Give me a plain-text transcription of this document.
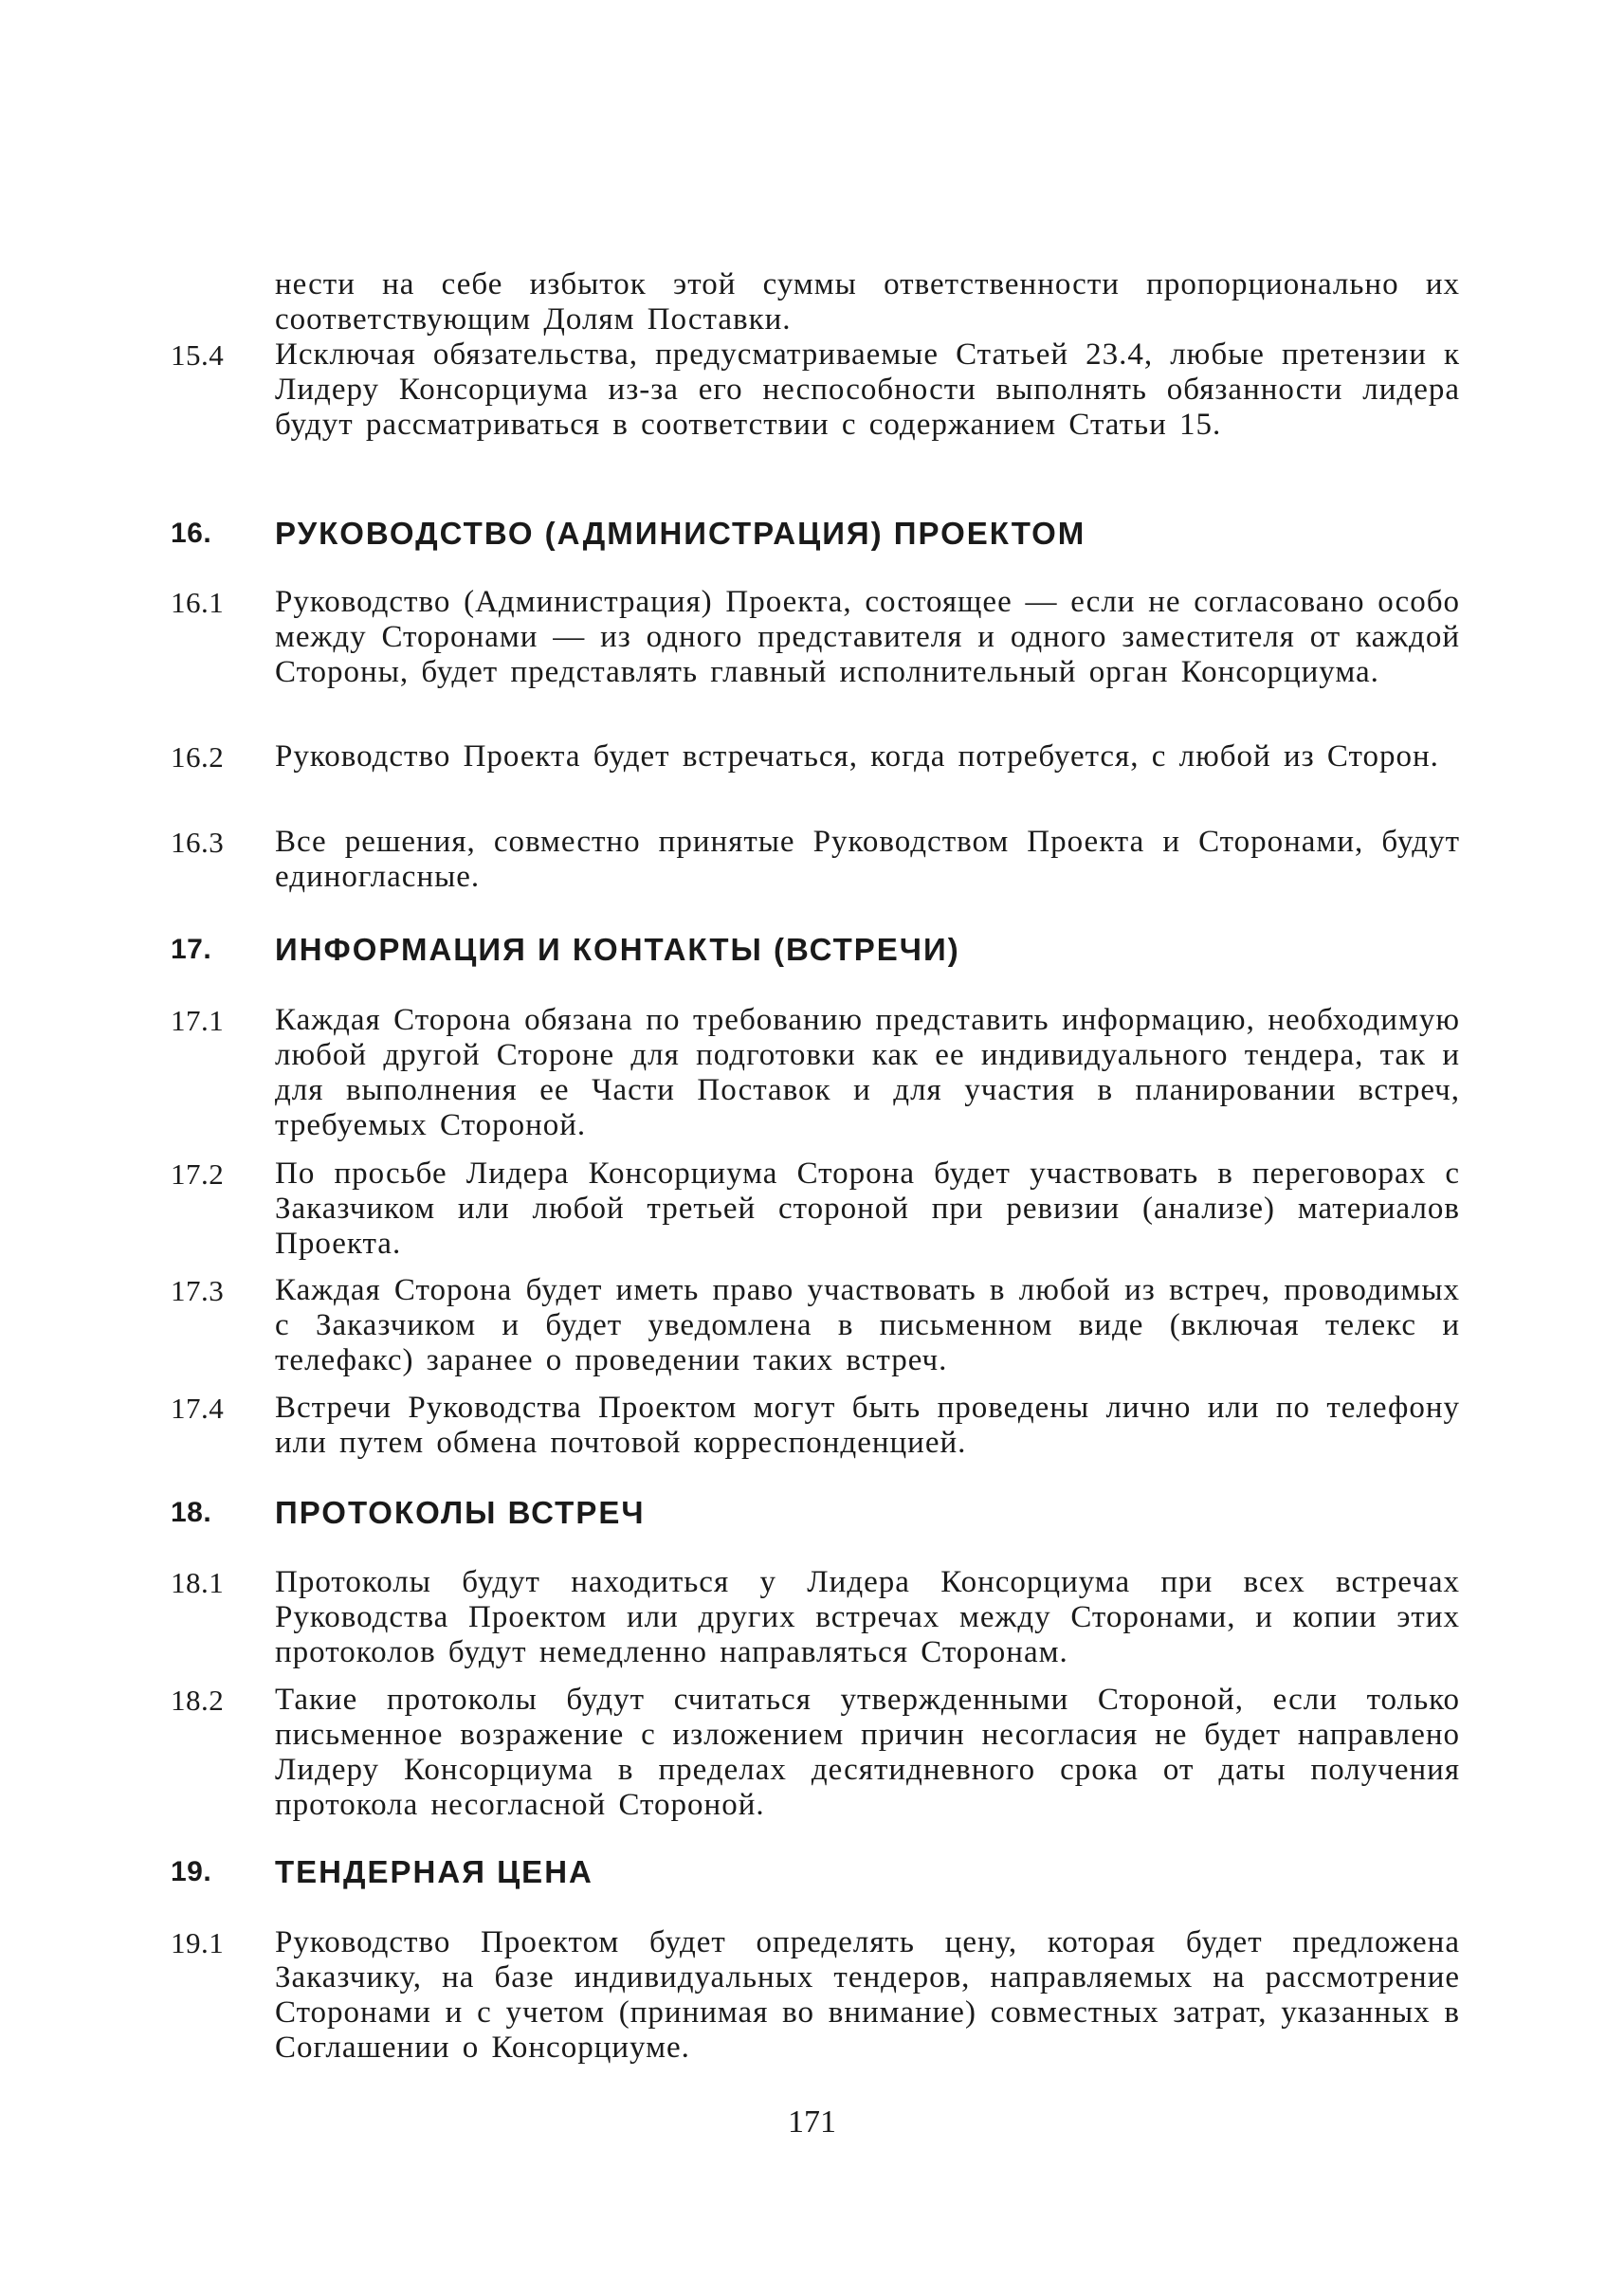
нести на себе избыток этой суммы ответственности пропорционально их соответствующим Долям Поставки.
15.4	Исключая обязательства, предусматриваемые Статьей 23.4, любые претензии к Лидеру Консорциума из-за его неспособности выполнять обязанности лидера будут рассматриваться в соответствии с содержанием Статьи 15.
16.	РУКОВОДСТВО (АДМИНИСТРАЦИЯ) ПРОЕКТОМ
16.1	Руководство (Администрация) Проекта, состоящее — если не согласовано особо между Сторонами — из одного представителя и одного заместителя от каждой Стороны, будет представлять главный исполнительный орган Консорциума.
16.2	Руководство Проекта будет встречаться, когда потребуется, с любой из Сторон.
16.3	Все решения, совместно принятые Руководством Проекта и Сторонами, будут единогласные.
17.	ИНФОРМАЦИЯ И КОНТАКТЫ (ВСТРЕЧИ)
17.1	Каждая Сторона обязана по требованию представить информацию, необходимую любой другой Стороне для подготовки как ее индивидуального тендера, так и для выполнения ее Части Поставок и для участия в планировании встреч, требуемых Стороной.
17.2	По просьбе Лидера Консорциума Сторона будет участвовать в переговорах с Заказчиком или любой третьей стороной при ревизии (анализе) материалов Проекта.
17.3	Каждая Сторона будет иметь право участвовать в любой из встреч, проводимых с Заказчиком и будет уведомлена в письменном виде (включая телекс и телефакс) заранее о проведении таких встреч.
17.4	Встречи Руководства Проектом могут быть проведены лично или по телефону или путем обмена почтовой корреспонденцией.
18.	ПРОТОКОЛЫ ВСТРЕЧ
18.1	Протоколы будут находиться у Лидера Консорциума при всех встречах Руководства Проектом или других встречах между Сторонами, и копии этих протоколов будут немедленно направляться Сторонам.
18.2	Такие протоколы будут считаться утвержденными Стороной, если только письменное возражение с изложением причин несогласия не будет направлено Лидеру Консорциума в пределах десятидневного срока от даты получения протокола несогласной Стороной.
19.	ТЕНДЕРНАЯ ЦЕНА
19.1	Руководство Проектом будет определять цену, которая будет предложена Заказчику, на базе индивидуальных тендеров, направляемых на рассмотрение Сторонами и с учетом (принимая во внимание) совместных затрат, указанных в Соглашении о Консорциуме.
171
